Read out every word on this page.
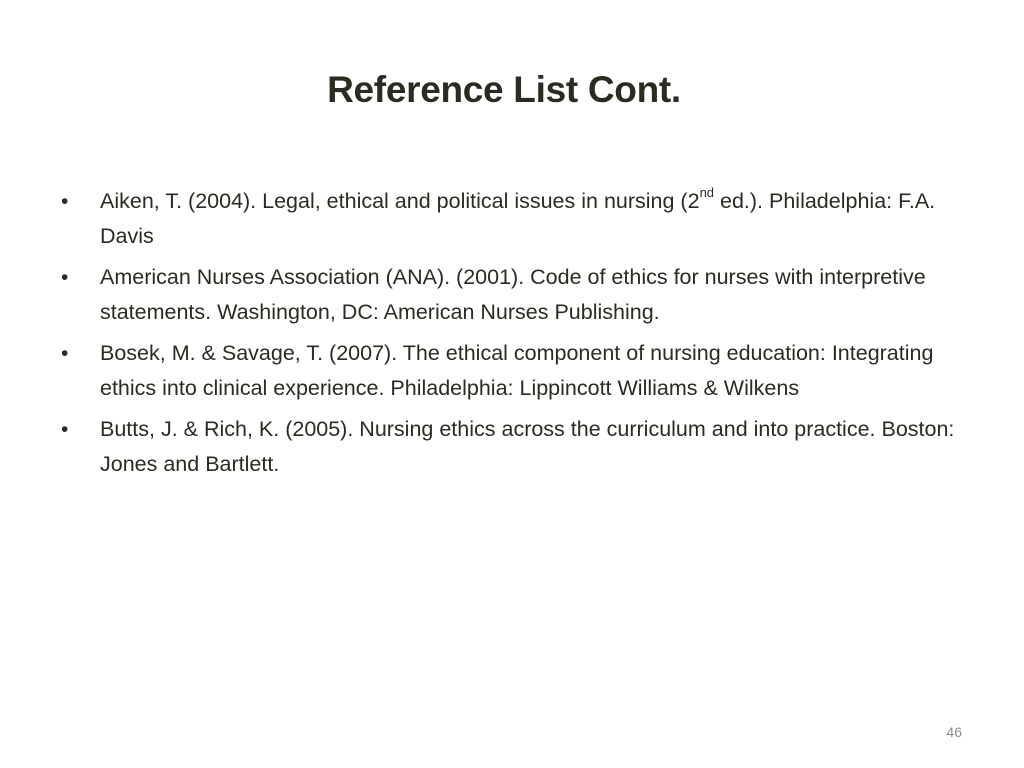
Reference List Cont.
• Aiken, T. (2004). Legal, ethical and political issues in nursing (2nd ed.). Philadelphia: F.A. Davis
• American Nurses Association (ANA). (2001). Code of ethics for nurses with interpretive statements. Washington, DC: American Nurses Publishing.
• Bosek, M. & Savage, T. (2007). The ethical component of nursing education: Integrating ethics into clinical experience. Philadelphia: Lippincott Williams & Wilkens
• Butts, J. & Rich, K. (2005). Nursing ethics across the curriculum and into practice. Boston: Jones and Bartlett.
46
